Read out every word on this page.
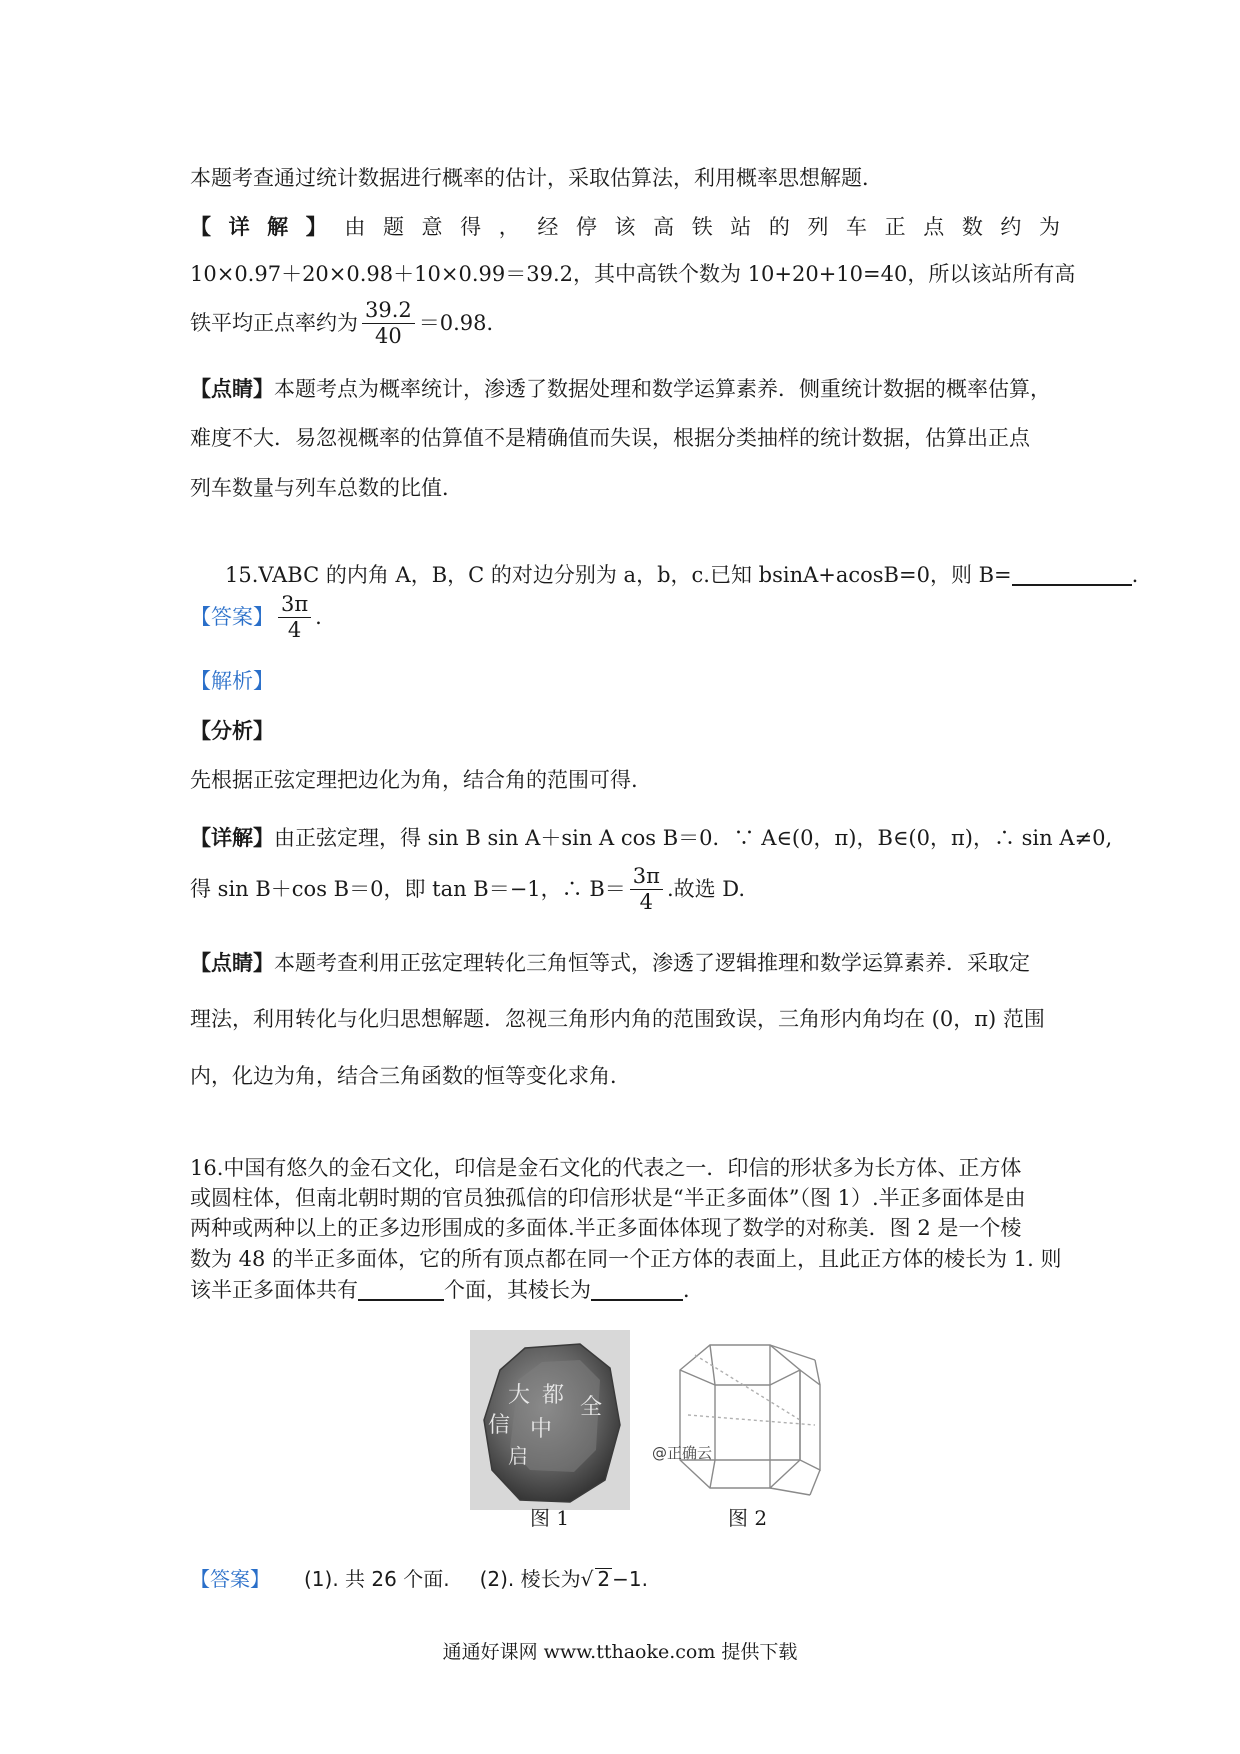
本题考查通过统计数据进行概率的估计，采取估算法，利用概率思想解题．
【详解】由题意得，经停该高铁站的列车正点数约为
10×0.97＋20×0.98＋10×0.99＝39.2，其中高铁个数为 10+20+10=40，所以该站所有高
铁平均正点率约为 $\frac{39.2}{40} =0.98$．
【点睛】本题考点为概率统计，渗透了数据处理和数学运算素养．侧重统计数据的概率估算，
难度不大．易忽视概率的估算值不是精确值而失误，根据分类抽样的统计数据，估算出正点
列车数量与列车总数的比值．
15.VABC 的内角 A，B，C 的对边分别为 a，b，c.已知 bsinA+acosB=0，则 B=	.
【答案】 $\frac{3\pi}{4}$ .
【解析】
【分析】
先根据正弦定理把边化为角，结合角的范围可得.
【详解】由正弦定理，得 sin B sin A＋sin A cos B＝0．∵ A∈(0，π)，B∈(0，π)，∴ sin A≠0,
得 sin B＋cos B＝0，即 tan B＝−1，∴ $B= \frac{3\pi}{4}$ .故选 D.
【点睛】本题考查利用正弦定理转化三角恒等式，渗透了逻辑推理和数学运算素养．采取定
理法，利用转化与化归思想解题．忽视三角形内角的范围致误，三角形内角均在 (0，π) 范围
内，化边为角，结合三角函数的恒等变化求角．
16.中国有悠久的金石文化，印信是金石文化的代表之一．印信的形状多为长方体、正方体
或圆柱体，但南北朝时期的官员独孤信的印信形状是“半正多面体”（图 1）.半正多面体是由
两种或两种以上的正多边形围成的多面体.半正多面体体现了数学的对称美．图 2 是一个棱
数为 48 的半正多面体，它的所有顶点都在同一个正方体的表面上，且此正方体的棱长为 1. 则
该半正多面体共有	个面，其棱长为	．
@正确云
图 1	图 2
大 都
中
全
信
启
【答案】 (1). 共 26 个面. (2). 棱长为√ 2 −1.
通通好课网 www.tthaoke.com 提供下载
